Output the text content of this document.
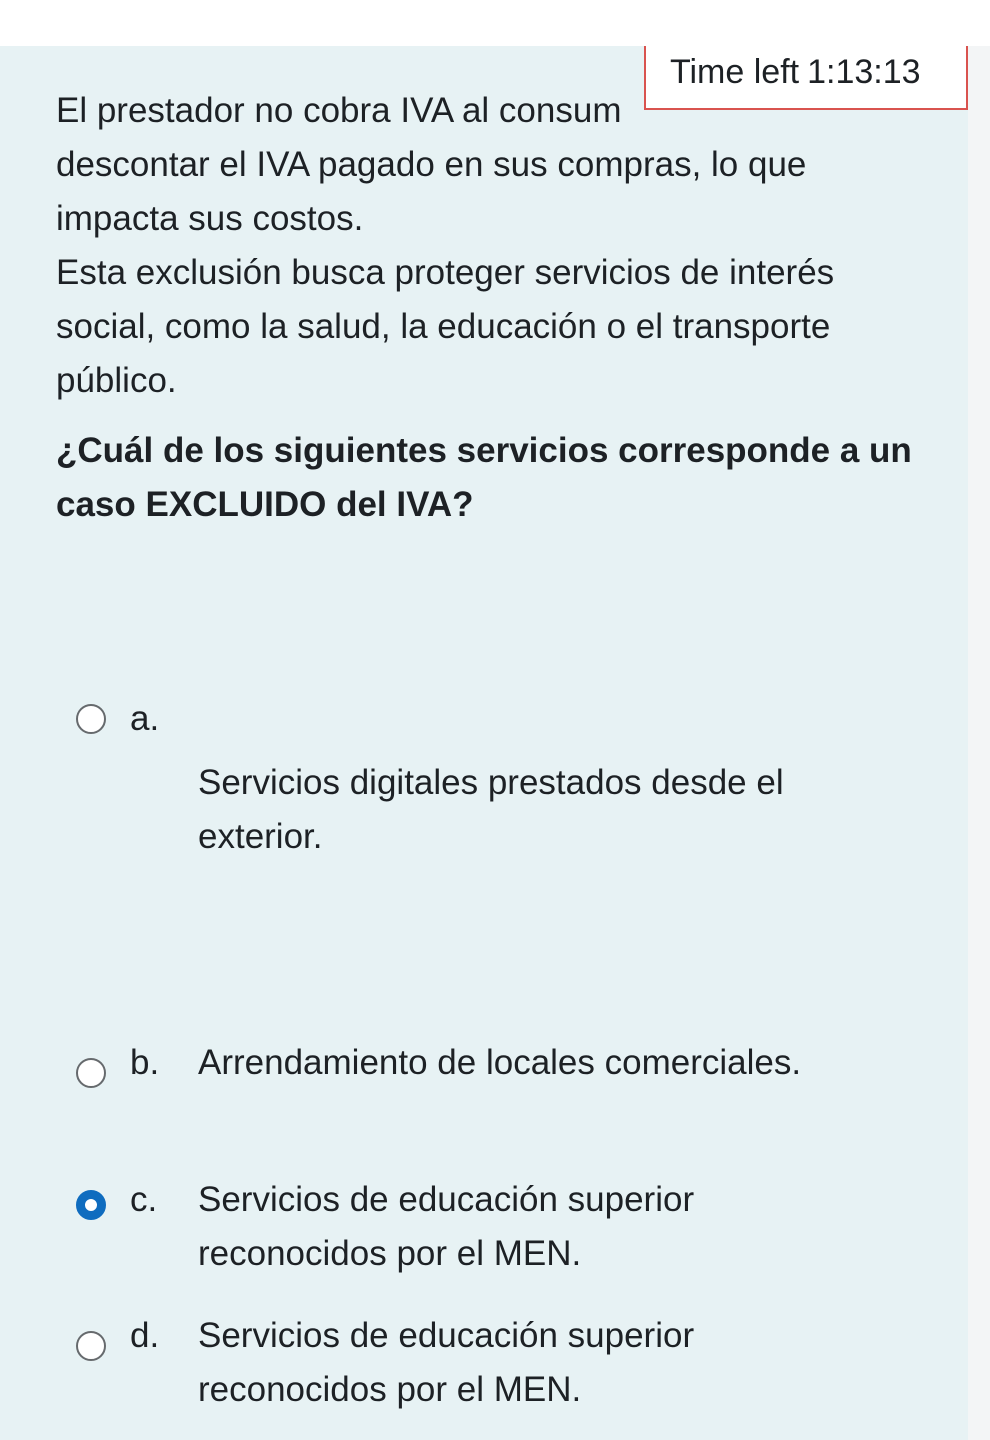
El prestador no cobra IVA al consum

descontar el IVA pagado en sus compras, lo que

impacta sus costos.

Esta exclusión busca proteger servicios de interés

social, como la salud, la educación o el transporte

público.

¿Cuál de los siguientes servicios corresponde a un

caso EXCLUIDO del IVA?

a.
Servicios digitales prestados desde el
exterior.
b. Arrendamiento de locales comerciales.
c. Servicios de educación superior
reconocidos por el MEN.
d. Servicios de educación superior
reconocidos por el MEN.
Time left 1:13:13
